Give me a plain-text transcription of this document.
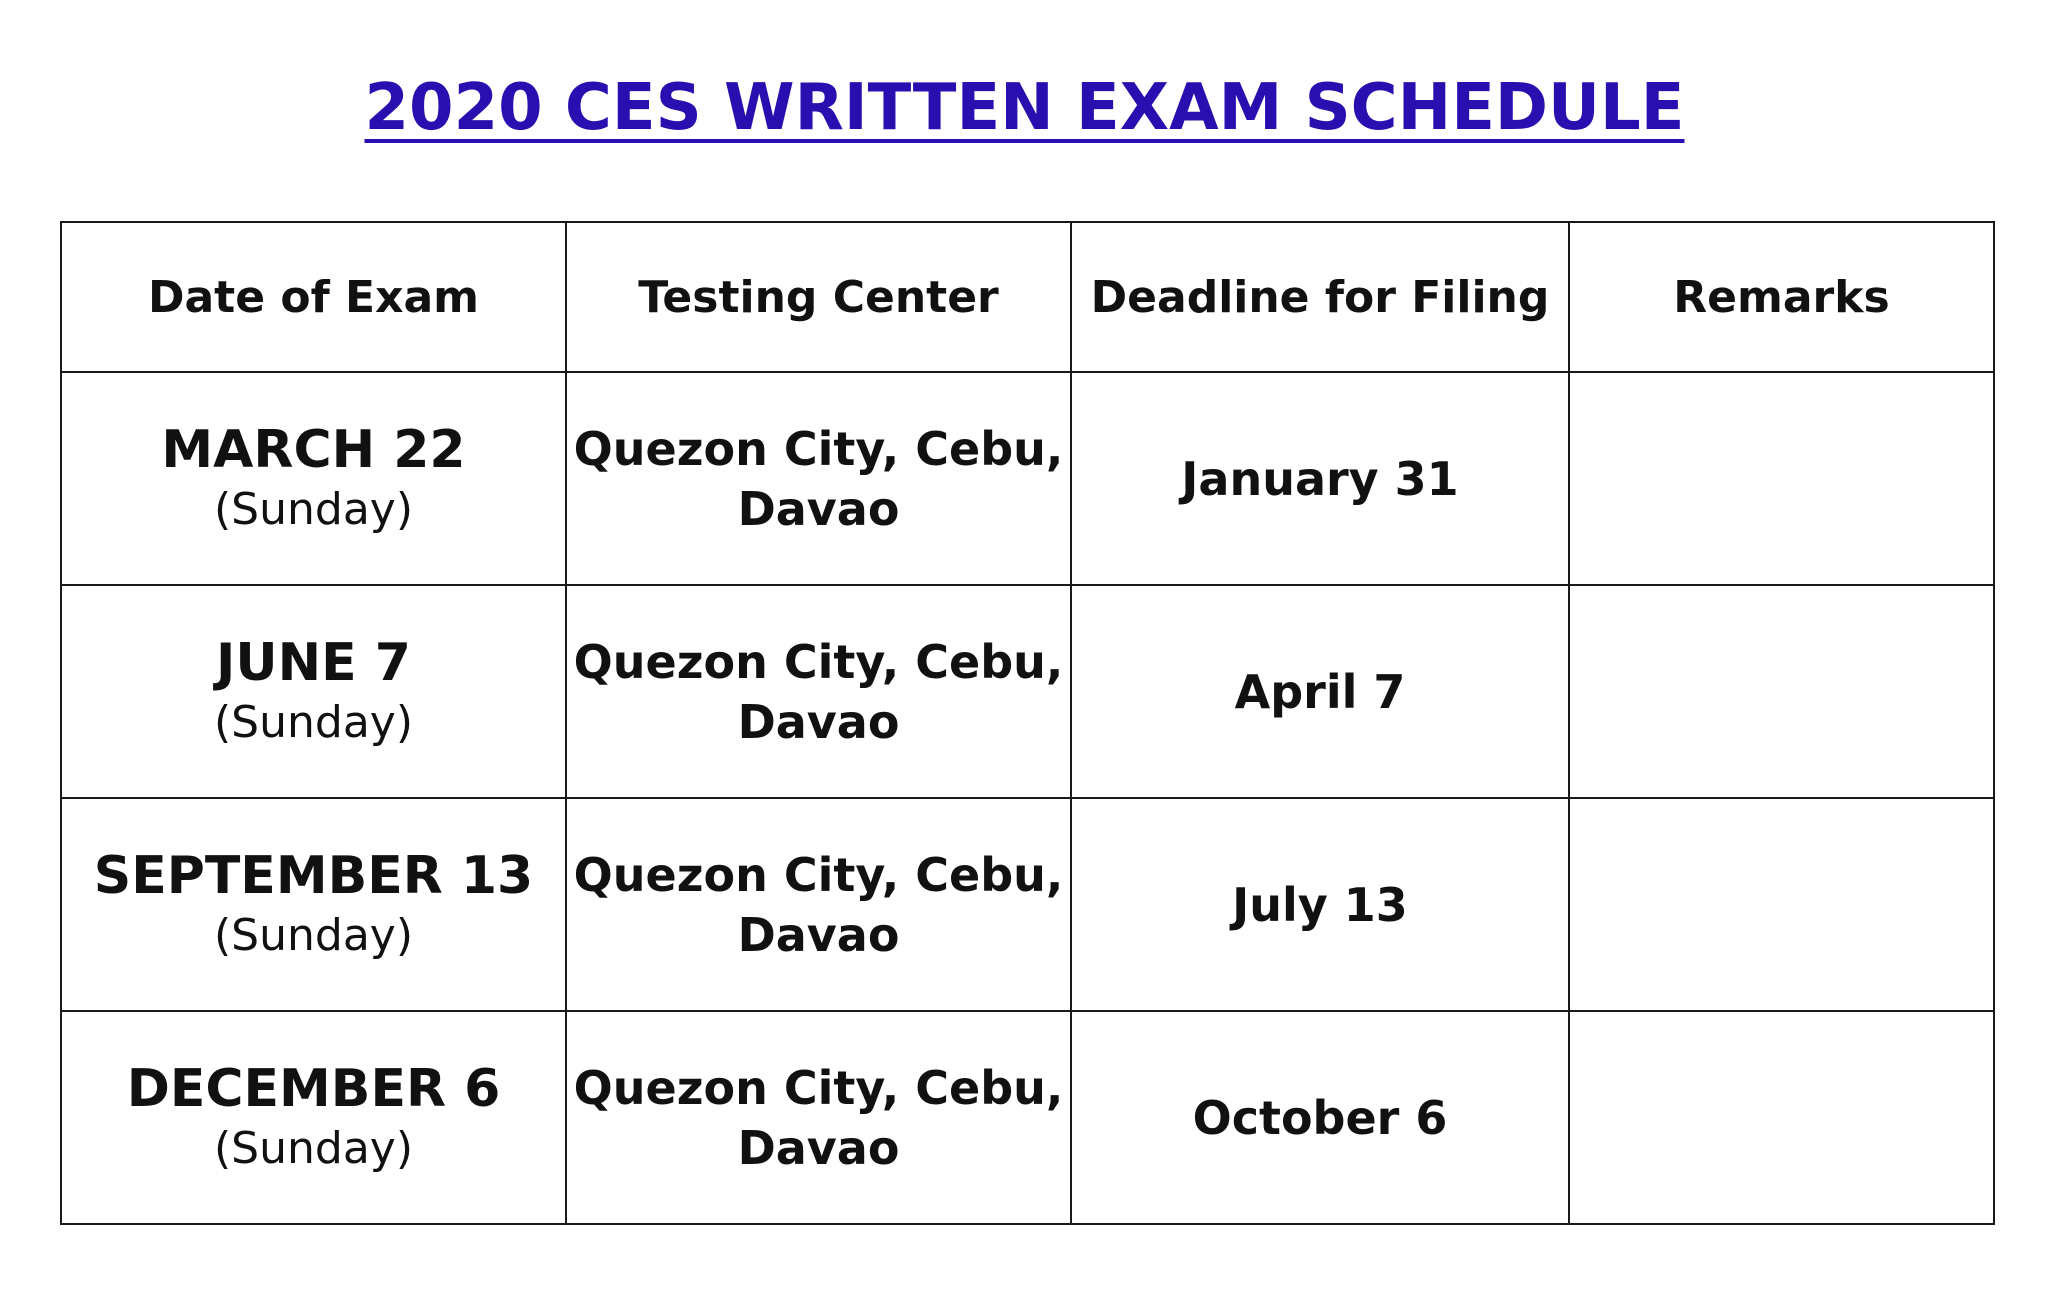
2020 CES WRITTEN EXAM SCHEDULE
Date of Exam	Testing Center	Deadline for Filing	Remarks

MARCH 22
(Sunday)	Quezon City, Cebu, Davao	January 31	

JUNE 7
(Sunday)	Quezon City, Cebu, Davao	April 7	

SEPTEMBER 13
(Sunday)	Quezon City, Cebu, Davao	July 13	

DECEMBER 6
(Sunday)	Quezon City, Cebu, Davao	October 6	
